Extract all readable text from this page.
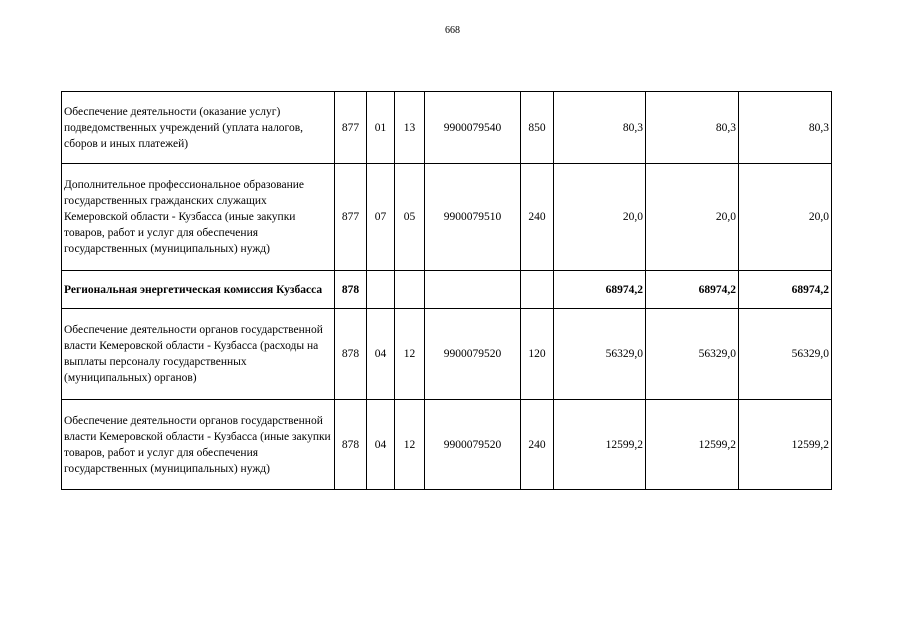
668
Обеспечение деятельности (оказание услуг) подведомственных учреждений (уплата налогов, сборов и иных платежей)	877	01	13	9900079540	850	80,3	80,3	80,3
Дополнительное профессиональное образование государственных гражданских служащих Кемеровской области - Кузбасса (иные закупки товаров, работ и услуг для обеспечения государственных (муниципальных) нужд)	877	07	05	9900079510	240	20,0	20,0	20,0
Региональная энергетическая комиссия Кузбасса	878					68974,2	68974,2	68974,2
Обеспечение деятельности органов государственной власти Кемеровской области - Кузбасса (расходы на выплаты персоналу государственных (муниципальных) органов)	878	04	12	9900079520	120	56329,0	56329,0	56329,0
Обеспечение деятельности органов государственной власти Кемеровской области - Кузбасса (иные закупки товаров, работ и услуг для обеспечения государственных (муниципальных) нужд)	878	04	12	9900079520	240	12599,2	12599,2	12599,2
